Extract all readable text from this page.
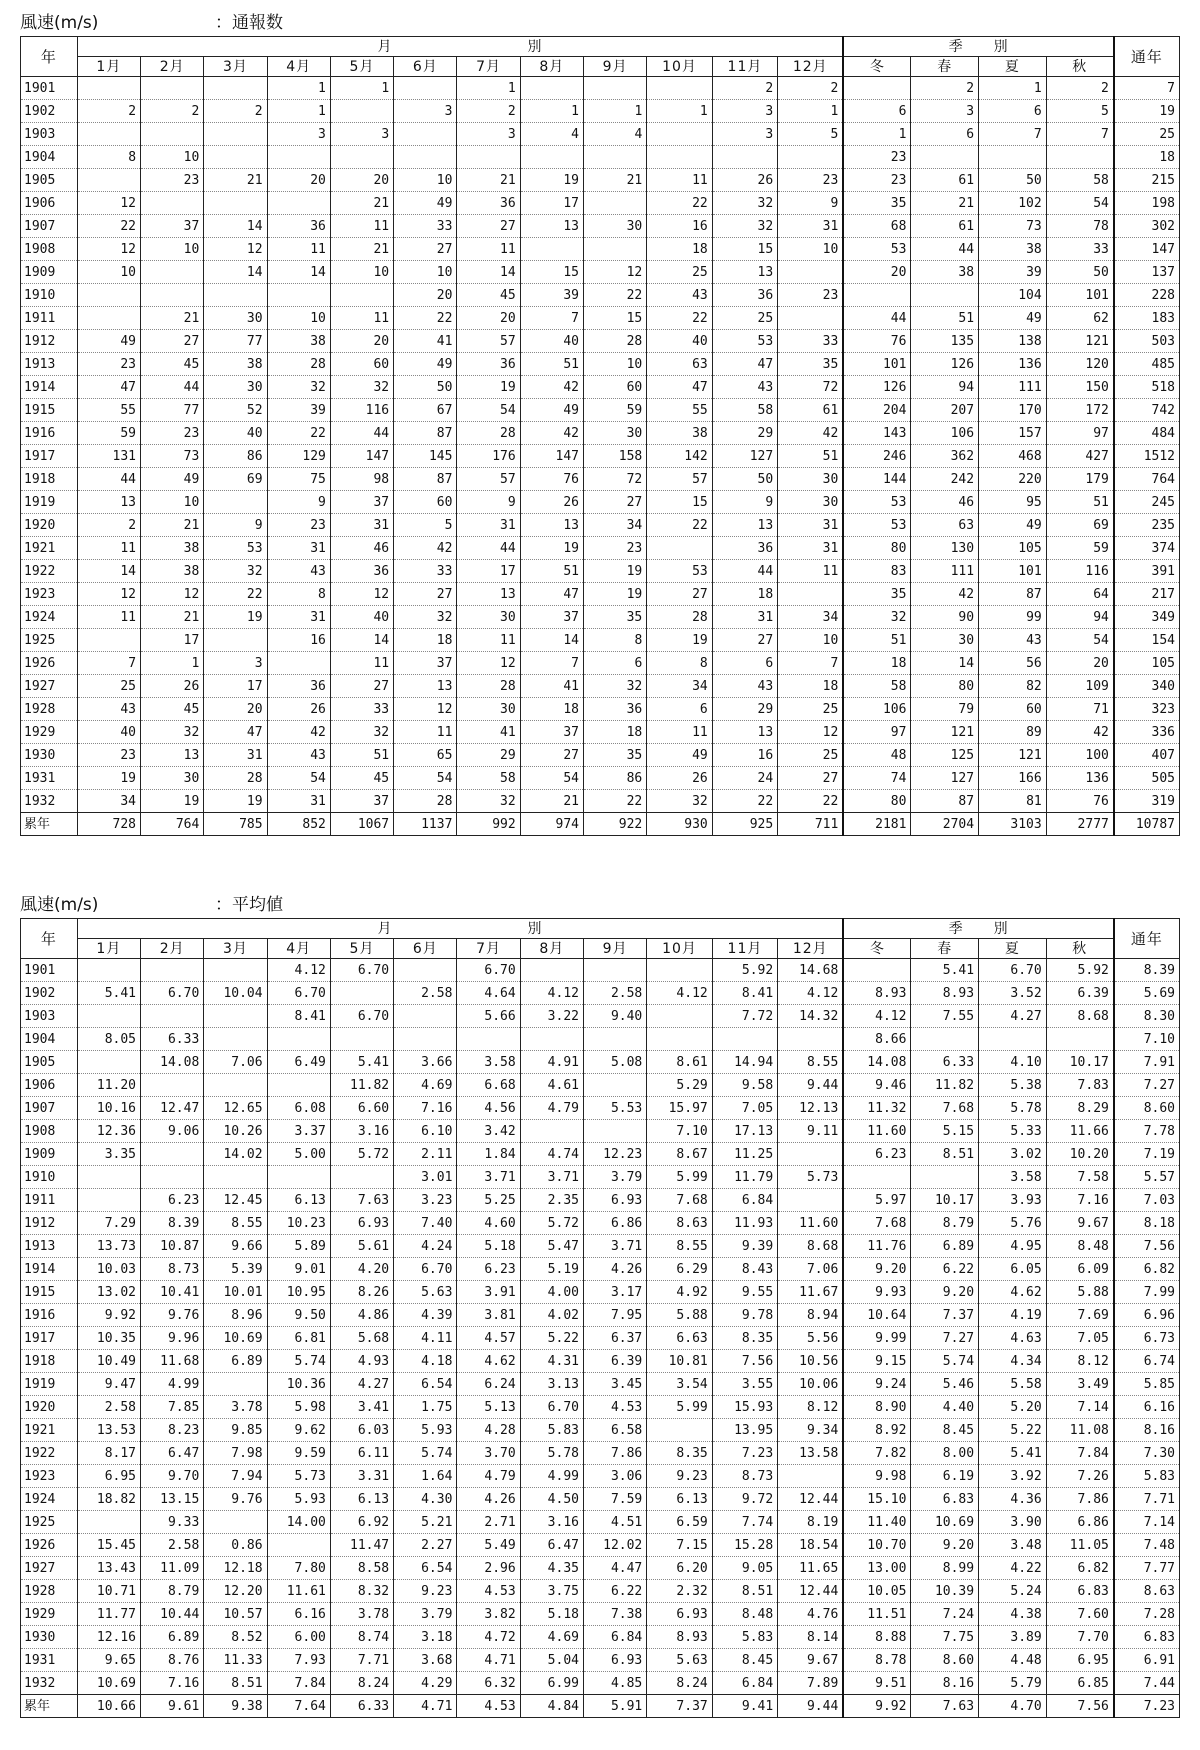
風速(m/s)	：通報数
年	月　　　　　　　　　別												季　　別				通年
	1月	2月	3月	4月	5月	6月	7月	8月	9月	10月	11月	12月	冬	春	夏	秋	
1901				1	1		1				2	2		2	1	2	7
1902	2	2	2	1		3	2	1	1	1	3	1	6	3	6	5	19
1903				3	3		3	4	4		3	5	1	6	7	7	25
1904	8	10											23				18
1905		23	21	20	20	10	21	19	21	11	26	23	23	61	50	58	215
1906	12				21	49	36	17		22	32	9	35	21	102	54	198
1907	22	37	14	36	11	33	27	13	30	16	32	31	68	61	73	78	302
1908	12	10	12	11	21	27	11			18	15	10	53	44	38	33	147
1909	10		14	14	10	10	14	15	12	25	13		20	38	39	50	137
1910						20	45	39	22	43	36	23			104	101	228
1911		21	30	10	11	22	20	7	15	22	25		44	51	49	62	183
1912	49	27	77	38	20	41	57	40	28	40	53	33	76	135	138	121	503
1913	23	45	38	28	60	49	36	51	10	63	47	35	101	126	136	120	485
1914	47	44	30	32	32	50	19	42	60	47	43	72	126	94	111	150	518
1915	55	77	52	39	116	67	54	49	59	55	58	61	204	207	170	172	742
1916	59	23	40	22	44	87	28	42	30	38	29	42	143	106	157	97	484
1917	131	73	86	129	147	145	176	147	158	142	127	51	246	362	468	427	1512
1918	44	49	69	75	98	87	57	76	72	57	50	30	144	242	220	179	764
1919	13	10		9	37	60	9	26	27	15	9	30	53	46	95	51	245
1920	2	21	9	23	31	5	31	13	34	22	13	31	53	63	49	69	235
1921	11	38	53	31	46	42	44	19	23		36	31	80	130	105	59	374
1922	14	38	32	43	36	33	17	51	19	53	44	11	83	111	101	116	391
1923	12	12	22	8	12	27	13	47	19	27	18		35	42	87	64	217
1924	11	21	19	31	40	32	30	37	35	28	31	34	32	90	99	94	349
1925		17		16	14	18	11	14	8	19	27	10	51	30	43	54	154
1926	7	1	3		11	37	12	7	6	8	6	7	18	14	56	20	105
1927	25	26	17	36	27	13	28	41	32	34	43	18	58	80	82	109	340
1928	43	45	20	26	33	12	30	18	36	6	29	25	106	79	60	71	323
1929	40	32	47	42	32	11	41	37	18	11	13	12	97	121	89	42	336
1930	23	13	31	43	51	65	29	27	35	49	16	25	48	125	121	100	407
1931	19	30	28	54	45	54	58	54	86	26	24	27	74	127	166	136	505
1932	34	19	19	31	37	28	32	21	22	32	22	22	80	87	81	76	319
累年	728	764	785	852	1067	1137	992	974	922	930	925	711	2181	2704	3103	2777	10787
風速(m/s)	：平均値
年	月　　　　　　　　　別												季　　別				通年
	1月	2月	3月	4月	5月	6月	7月	8月	9月	10月	11月	12月	冬	春	夏	秋	
1901				4.12	6.70		6.70				5.92	14.68		5.41	6.70	5.92	8.39
1902	5.41	6.70	10.04	6.70		2.58	4.64	4.12	2.58	4.12	8.41	4.12	8.93	8.93	3.52	6.39	5.69
1903				8.41	6.70		5.66	3.22	9.40		7.72	14.32	4.12	7.55	4.27	8.68	8.30
1904	8.05	6.33											8.66				7.10
1905		14.08	7.06	6.49	5.41	3.66	3.58	4.91	5.08	8.61	14.94	8.55	14.08	6.33	4.10	10.17	7.91
1906	11.20				11.82	4.69	6.68	4.61		5.29	9.58	9.44	9.46	11.82	5.38	7.83	7.27
1907	10.16	12.47	12.65	6.08	6.60	7.16	4.56	4.79	5.53	15.97	7.05	12.13	11.32	7.68	5.78	8.29	8.60
1908	12.36	9.06	10.26	3.37	3.16	6.10	3.42			7.10	17.13	9.11	11.60	5.15	5.33	11.66	7.78
1909	3.35		14.02	5.00	5.72	2.11	1.84	4.74	12.23	8.67	11.25		6.23	8.51	3.02	10.20	7.19
1910						3.01	3.71	3.71	3.79	5.99	11.79	5.73			3.58	7.58	5.57
1911		6.23	12.45	6.13	7.63	3.23	5.25	2.35	6.93	7.68	6.84		5.97	10.17	3.93	7.16	7.03
1912	7.29	8.39	8.55	10.23	6.93	7.40	4.60	5.72	6.86	8.63	11.93	11.60	7.68	8.79	5.76	9.67	8.18
1913	13.73	10.87	9.66	5.89	5.61	4.24	5.18	5.47	3.71	8.55	9.39	8.68	11.76	6.89	4.95	8.48	7.56
1914	10.03	8.73	5.39	9.01	4.20	6.70	6.23	5.19	4.26	6.29	8.43	7.06	9.20	6.22	6.05	6.09	6.82
1915	13.02	10.41	10.01	10.95	8.26	5.63	3.91	4.00	3.17	4.92	9.55	11.67	9.93	9.20	4.62	5.88	7.99
1916	9.92	9.76	8.96	9.50	4.86	4.39	3.81	4.02	7.95	5.88	9.78	8.94	10.64	7.37	4.19	7.69	6.96
1917	10.35	9.96	10.69	6.81	5.68	4.11	4.57	5.22	6.37	6.63	8.35	5.56	9.99	7.27	4.63	7.05	6.73
1918	10.49	11.68	6.89	5.74	4.93	4.18	4.62	4.31	6.39	10.81	7.56	10.56	9.15	5.74	4.34	8.12	6.74
1919	9.47	4.99		10.36	4.27	6.54	6.24	3.13	3.45	3.54	3.55	10.06	9.24	5.46	5.58	3.49	5.85
1920	2.58	7.85	3.78	5.98	3.41	1.75	5.13	6.70	4.53	5.99	15.93	8.12	8.90	4.40	5.20	7.14	6.16
1921	13.53	8.23	9.85	9.62	6.03	5.93	4.28	5.83	6.58		13.95	9.34	8.92	8.45	5.22	11.08	8.16
1922	8.17	6.47	7.98	9.59	6.11	5.74	3.70	5.78	7.86	8.35	7.23	13.58	7.82	8.00	5.41	7.84	7.30
1923	6.95	9.70	7.94	5.73	3.31	1.64	4.79	4.99	3.06	9.23	8.73		9.98	6.19	3.92	7.26	5.83
1924	18.82	13.15	9.76	5.93	6.13	4.30	4.26	4.50	7.59	6.13	9.72	12.44	15.10	6.83	4.36	7.86	7.71
1925		9.33		14.00	6.92	5.21	2.71	3.16	4.51	6.59	7.74	8.19	11.40	10.69	3.90	6.86	7.14
1926	15.45	2.58	0.86		11.47	2.27	5.49	6.47	12.02	7.15	15.28	18.54	10.70	9.20	3.48	11.05	7.48
1927	13.43	11.09	12.18	7.80	8.58	6.54	2.96	4.35	4.47	6.20	9.05	11.65	13.00	8.99	4.22	6.82	7.77
1928	10.71	8.79	12.20	11.61	8.32	9.23	4.53	3.75	6.22	2.32	8.51	12.44	10.05	10.39	5.24	6.83	8.63
1929	11.77	10.44	10.57	6.16	3.78	3.79	3.82	5.18	7.38	6.93	8.48	4.76	11.51	7.24	4.38	7.60	7.28
1930	12.16	6.89	8.52	6.00	8.74	3.18	4.72	4.69	6.84	8.93	5.83	8.14	8.88	7.75	3.89	7.70	6.83
1931	9.65	8.76	11.33	7.93	7.71	3.68	4.71	5.04	6.93	5.63	8.45	9.67	8.78	8.60	4.48	6.95	6.91
1932	10.69	7.16	8.51	7.84	8.24	4.29	6.32	6.99	4.85	8.24	6.84	7.89	9.51	8.16	5.79	6.85	7.44
累年	10.66	9.61	9.38	7.64	6.33	4.71	4.53	4.84	5.91	7.37	9.41	9.44	9.92	7.63	4.70	7.56	7.23
